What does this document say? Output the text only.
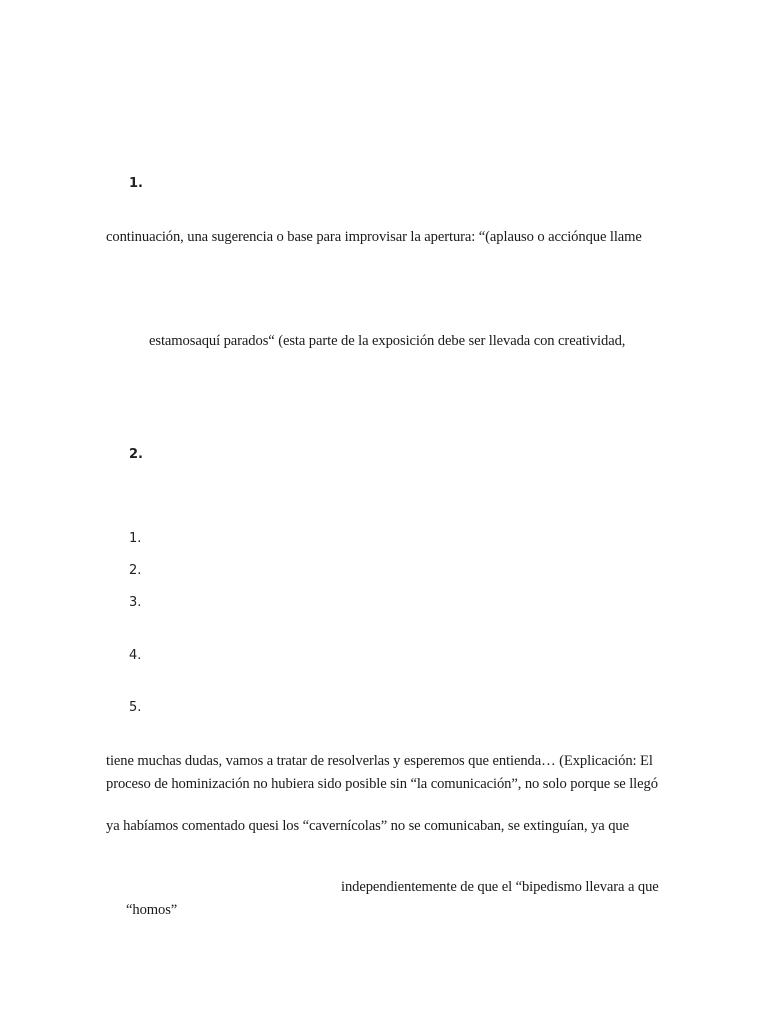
1.
continuación, una sugerencia o base para improvisar la apertura: “(aplauso o acciónque llame
estamosaquí parados“ (esta parte de la exposición debe ser llevada con creatividad,
2.
1.
2.
3.
4.
5.
tiene muchas dudas, vamos a tratar de resolverlas y esperemos que entienda… (Explicación: El
proceso de hominización no hubiera sido posible sin “la comunicación”, no solo porque se llegó
ya habíamos comentado quesi los “cavernícolas” no se comunicaban, se extinguían, ya que
independientemente de que el “bipedismo llevara a que
“homos”
